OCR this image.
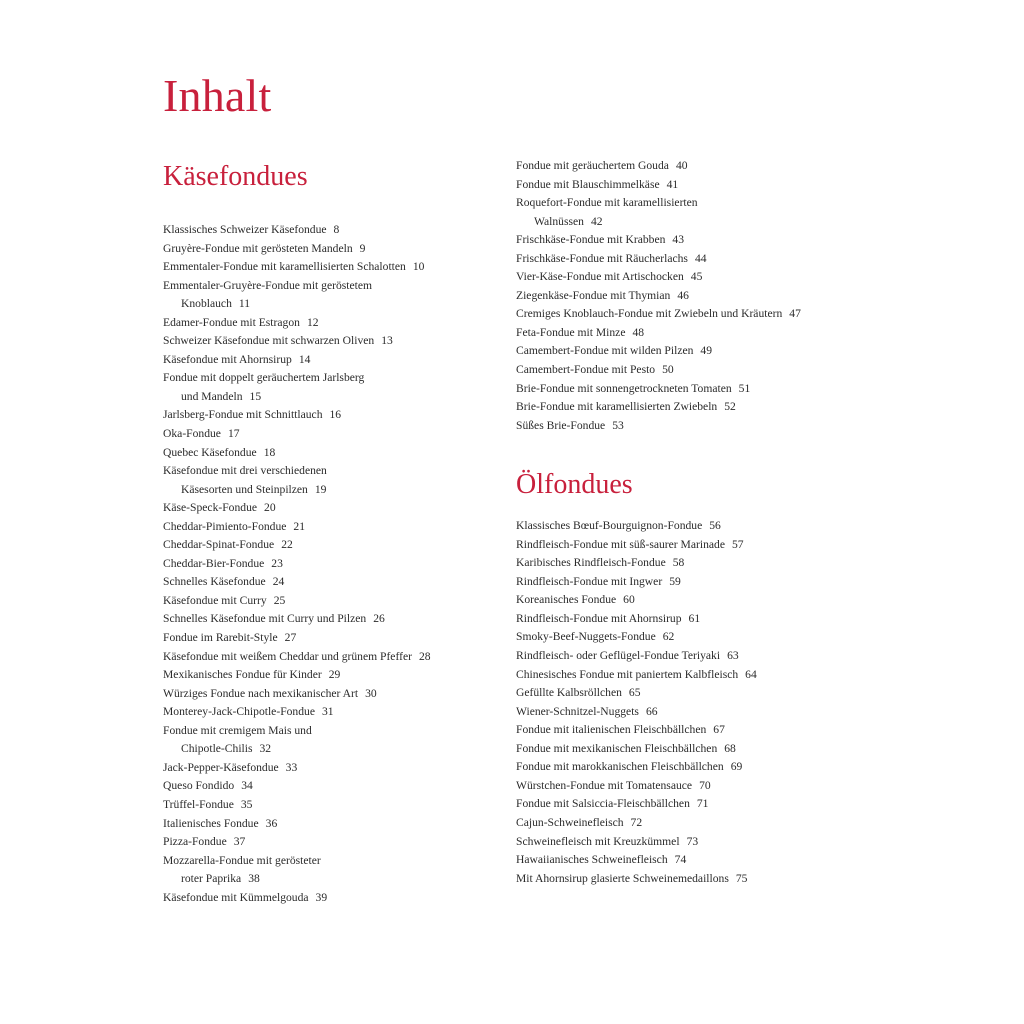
Inhalt
Käsefondues
Klassisches Schweizer Käsefondue 8
Gruyère-Fondue mit gerösteten Mandeln 9
Emmentaler-Fondue mit karamellisierten Schalotten 10
Emmentaler-Gruyère-Fondue mit geröstetem
Knoblauch 11
Edamer-Fondue mit Estragon 12
Schweizer Käsefondue mit schwarzen Oliven 13
Käsefondue mit Ahornsirup 14
Fondue mit doppelt geräuchertem Jarlsberg
und Mandeln 15
Jarlsberg-Fondue mit Schnittlauch 16
Oka-Fondue 17
Quebec Käsefondue 18
Käsefondue mit drei verschiedenen
Käsesorten und Steinpilzen 19
Käse-Speck-Fondue 20
Cheddar-Pimiento-Fondue 21
Cheddar-Spinat-Fondue 22
Cheddar-Bier-Fondue 23
Schnelles Käsefondue 24
Käsefondue mit Curry 25
Schnelles Käsefondue mit Curry und Pilzen 26
Fondue im Rarebit-Style 27
Käsefondue mit weißem Cheddar und grünem Pfeffer 28
Mexikanisches Fondue für Kinder 29
Würziges Fondue nach mexikanischer Art 30
Monterey-Jack-Chipotle-Fondue 31
Fondue mit cremigem Mais und
Chipotle-Chilis 32
Jack-Pepper-Käsefondue 33
Queso Fondido 34
Trüffel-Fondue 35
Italienisches Fondue 36
Pizza-Fondue 37
Mozzarella-Fondue mit gerösteter
roter Paprika 38
Käsefondue mit Kümmelgouda 39
Fondue mit geräuchertem Gouda 40
Fondue mit Blauschimmelkäse 41
Roquefort-Fondue mit karamellisierten
Walnüssen 42
Frischkäse-Fondue mit Krabben 43
Frischkäse-Fondue mit Räucherlachs 44
Vier-Käse-Fondue mit Artischocken 45
Ziegenkäse-Fondue mit Thymian 46
Cremiges Knoblauch-Fondue mit Zwiebeln und Kräutern 47
Feta-Fondue mit Minze 48
Camembert-Fondue mit wilden Pilzen 49
Camembert-Fondue mit Pesto 50
Brie-Fondue mit sonnengetrockneten Tomaten 51
Brie-Fondue mit karamellisierten Zwiebeln 52
Süßes Brie-Fondue 53
Ölfondues
Klassisches Bœuf-Bourguignon-Fondue 56
Rindfleisch-Fondue mit süß-saurer Marinade 57
Karibisches Rindfleisch-Fondue 58
Rindfleisch-Fondue mit Ingwer 59
Koreanisches Fondue 60
Rindfleisch-Fondue mit Ahornsirup 61
Smoky-Beef-Nuggets-Fondue 62
Rindfleisch- oder Geflügel-Fondue Teriyaki 63
Chinesisches Fondue mit paniertem Kalbfleisch 64
Gefüllte Kalbsröllchen 65
Wiener-Schnitzel-Nuggets 66
Fondue mit italienischen Fleischbällchen 67
Fondue mit mexikanischen Fleischbällchen 68
Fondue mit marokkanischen Fleischbällchen 69
Würstchen-Fondue mit Tomatensauce 70
Fondue mit Salsiccia-Fleischbällchen 71
Cajun-Schweinefleisch 72
Schweinefleisch mit Kreuzkümmel 73
Hawaiianisches Schweinefleisch 74
Mit Ahornsirup glasierte Schweinemedaillons 75
